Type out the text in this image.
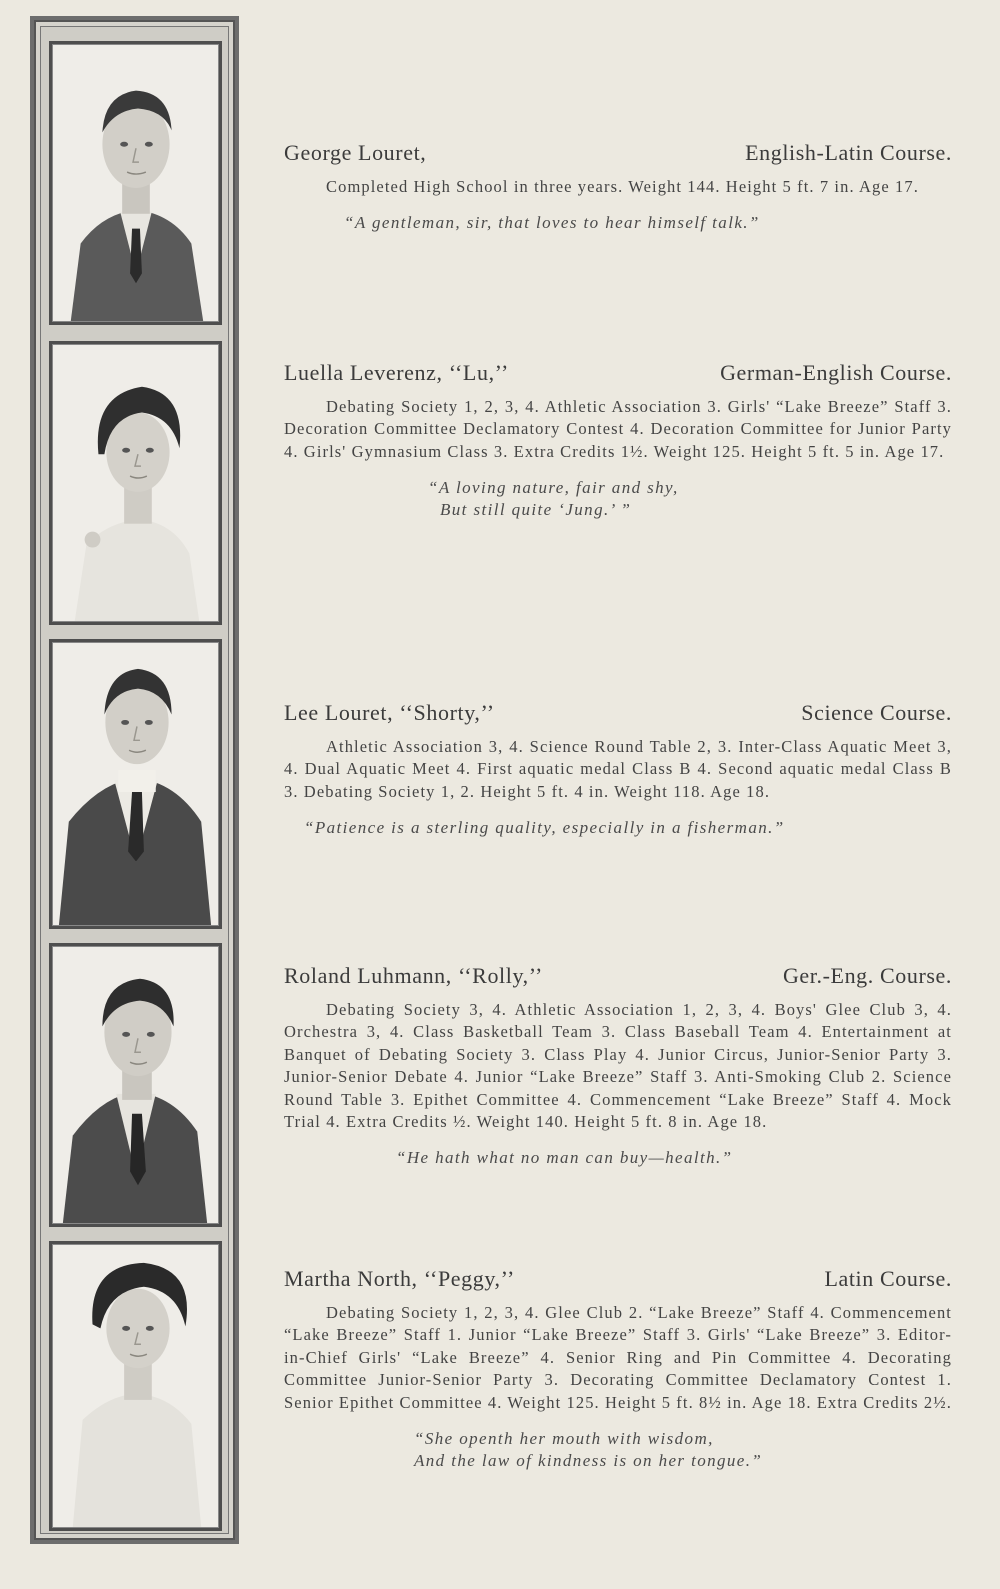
George Louret,	English-Latin Course.
Completed High School in three years. Weight 144. Height 5 ft. 7 in. Age 17.
“A gentleman, sir, that loves to hear himself talk.”
Luella Leverenz, ‘‘Lu,’’	German-English Course.
Debating Society 1, 2, 3, 4. Athletic Association 3. Girls' “Lake Breeze” Staff 3. Decoration Committee Declamatory Contest 4. Decoration Committee for Junior Party 4. Girls' Gymnasium Class 3. Extra Credits 1½. Weight 125. Height 5 ft. 5 in. Age 17.
“A loving nature, fair and shy,
But still quite ‘Jung.’ ”
Lee Louret, ‘‘Shorty,’’	Science Course.
Athletic Association 3, 4. Science Round Table 2, 3. Inter-Class Aquatic Meet 3, 4. Dual Aquatic Meet 4. First aquatic medal Class B 4. Second aquatic medal Class B 3. Debating Society 1, 2. Height 5 ft. 4 in. Weight 118. Age 18.
“Patience is a sterling quality, especially in a fisherman.”
Roland Luhmann, ‘‘Rolly,’’	Ger.-Eng. Course.
Debating Society 3, 4. Athletic Association 1, 2, 3, 4. Boys' Glee Club 3, 4. Orchestra 3, 4. Class Basketball Team 3. Class Baseball Team 4. Entertainment at Banquet of Debating Society 3. Class Play 4. Junior Circus, Junior-Senior Party 3. Junior-Senior Debate 4. Junior “Lake Breeze” Staff 3. Anti-Smoking Club 2. Science Round Table 3. Epithet Committee 4. Commencement “Lake Breeze” Staff 4. Mock Trial 4. Extra Credits ½. Weight 140. Height 5 ft. 8 in. Age 18.
“He hath what no man can buy—health.”
Martha North, ‘‘Peggy,’’	Latin Course.
Debating Society 1, 2, 3, 4. Glee Club 2. “Lake Breeze” Staff 4. Commencement “Lake Breeze” Staff 1. Junior “Lake Breeze” Staff 3. Girls' “Lake Breeze” 3. Editor-in-Chief Girls' “Lake Breeze” 4. Senior Ring and Pin Committee 4. Decorating Committee Junior-Senior Party 3. Decorating Committee Declamatory Contest 1. Senior Epithet Committee 4. Weight 125. Height 5 ft. 8½ in. Age 18. Extra Credits 2½.
“She openth her mouth with wisdom,
And the law of kindness is on her tongue.”
